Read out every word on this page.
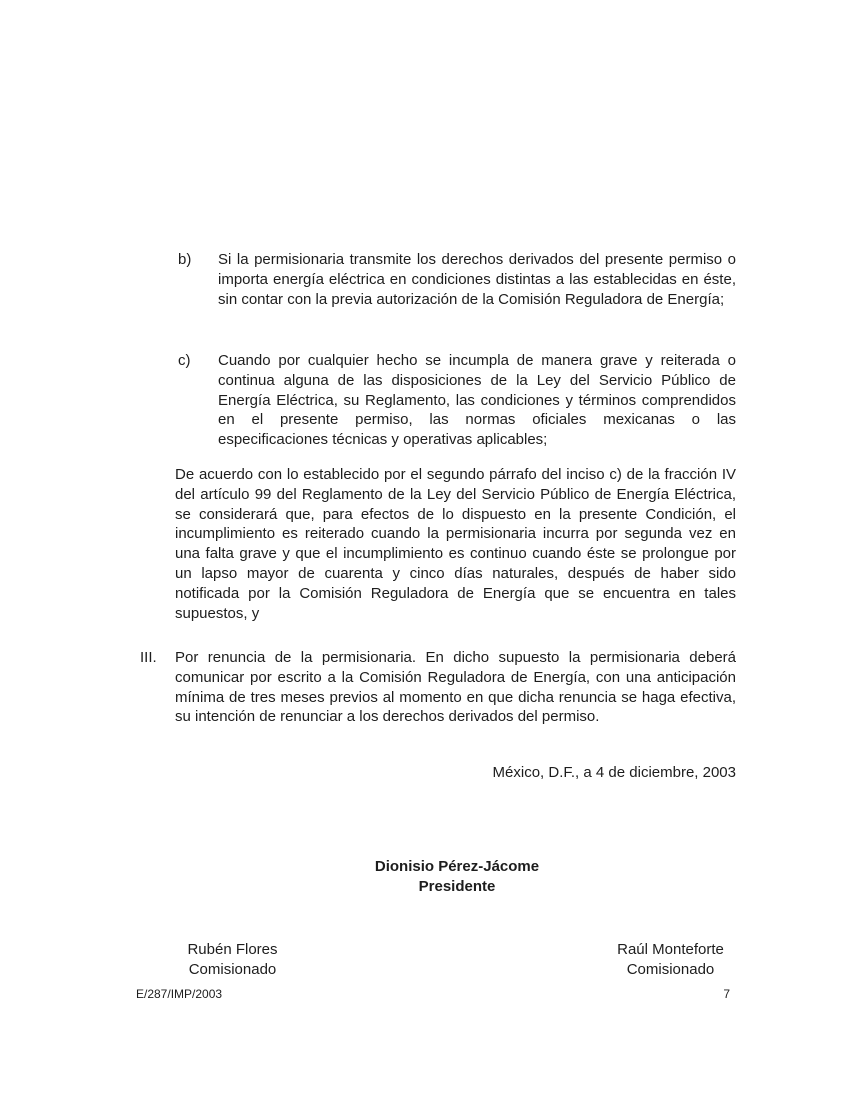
b) Si la permisionaria transmite los derechos derivados del presente permiso o importa energía eléctrica en condiciones distintas a las establecidas en éste, sin contar con la previa autorización de la Comisión Reguladora de Energía;
c) Cuando por cualquier hecho se incumpla de manera grave y reiterada o continua alguna de las disposiciones de la Ley del Servicio Público de Energía Eléctrica, su Reglamento, las condiciones y términos comprendidos en el presente permiso, las normas oficiales mexicanas o las especificaciones técnicas y operativas aplicables;
De acuerdo con lo establecido por el segundo párrafo del inciso c) de la fracción IV del artículo 99 del Reglamento de la Ley del Servicio Público de Energía Eléctrica, se considerará que, para efectos de lo dispuesto en la presente Condición, el incumplimiento es reiterado cuando la permisionaria incurra por segunda vez en una falta grave y que el incumplimiento es continuo cuando éste se prolongue por un lapso mayor de cuarenta y cinco días naturales, después de haber sido notificada por la Comisión Reguladora de Energía que se encuentra en tales supuestos, y
III. Por renuncia de la permisionaria. En dicho supuesto la permisionaria deberá comunicar por escrito a la Comisión Reguladora de Energía, con una anticipación mínima de tres meses previos al momento en que dicha renuncia se haga efectiva, su intención de renunciar a los derechos derivados del permiso.
México, D.F., a 4 de diciembre, 2003
Dionisio Pérez-Jácome
Presidente
Rubén Flores
Comisionado
Raúl Monteforte
Comisionado
E/287/IMP/2003	7
